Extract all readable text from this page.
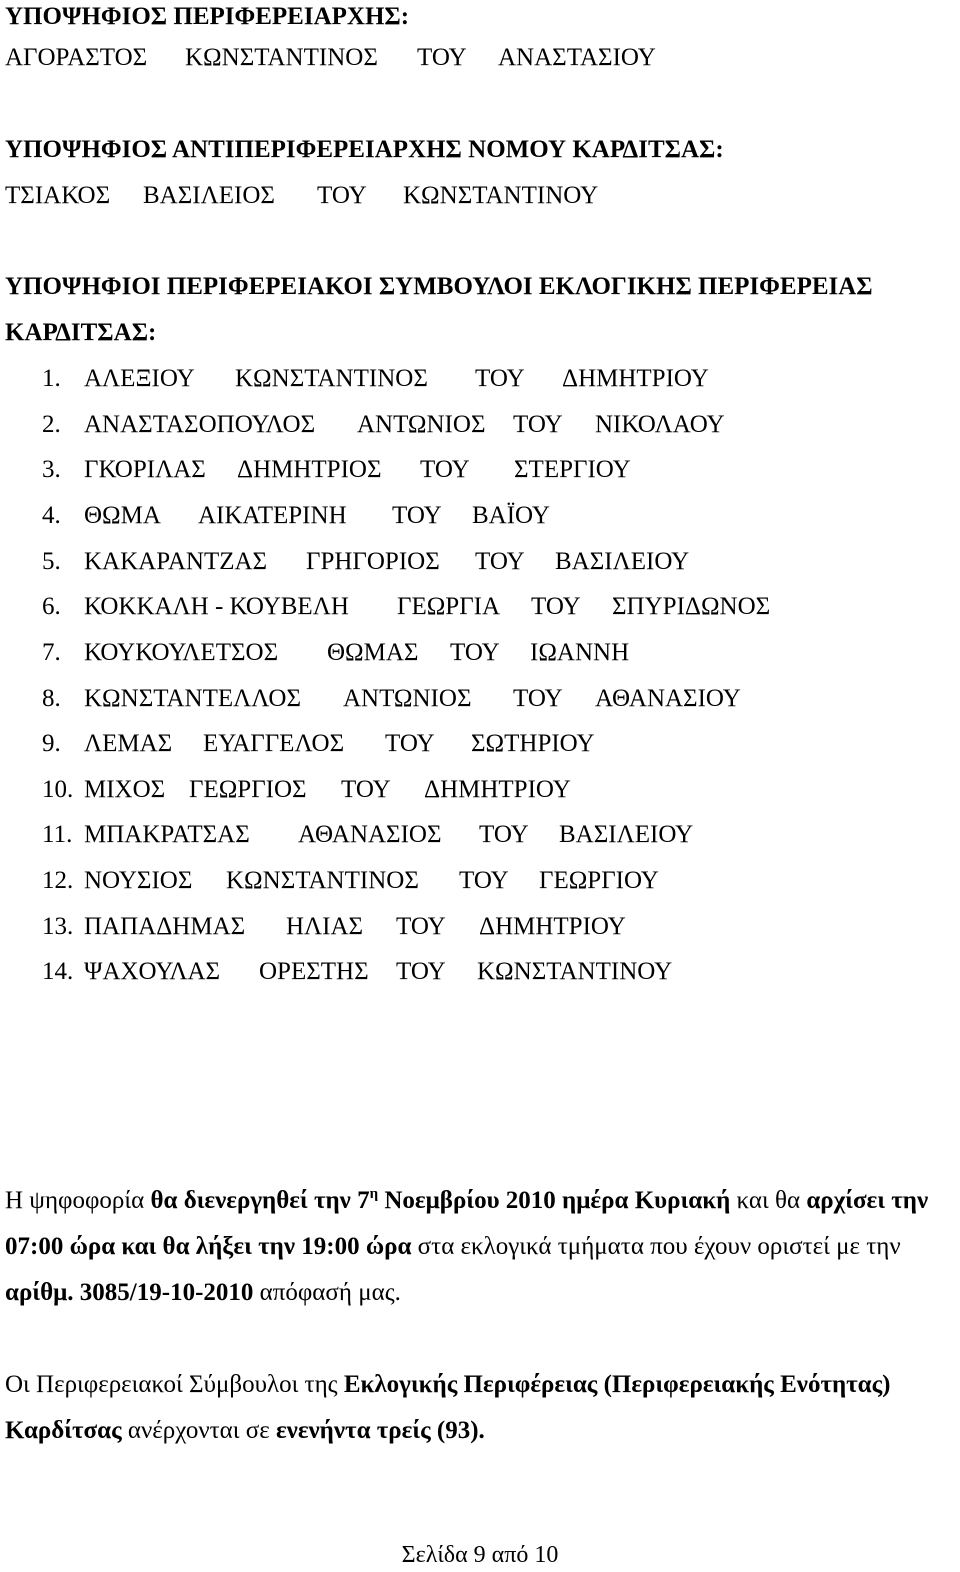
ΥΠΟΨΗΦΙΟΣ ΠΕΡΙΦΕΡΕΙΑΡΧΗΣ:
ΑΓΟΡΑΣΤΟΣ ΚΩΝΣΤΑΝΤΙΝΟΣ ΤΟΥ ΑΝΑΣΤΑΣΙΟΥ
ΥΠΟΨΗΦΙΟΣ ΑΝΤΙΠΕΡΙΦΕΡΕΙΑΡΧΗΣ ΝΟΜΟΥ ΚΑΡΔΙΤΣΑΣ:
ΤΣΙΑΚΟΣ ΒΑΣΙΛΕΙΟΣ ΤΟΥ ΚΩΝΣΤΑΝΤΙΝΟΥ
ΥΠΟΨΗΦΙΟΙ ΠΕΡΙΦΕΡΕΙΑΚΟΙ ΣΥΜΒΟΥΛΟΙ ΕΚΛΟΓΙΚΗΣ ΠΕΡΙΦΕΡΕΙΑΣ
ΚΑΡΔΙΤΣΑΣ:
1. ΑΛΕΞΙΟΥ ΚΩΝΣΤΑΝΤΙΝΟΣ ΤΟΥ ΔΗΜΗΤΡΙΟΥ
2. ΑΝΑΣΤΑΣΟΠΟΥΛΟΣ ΑΝΤΩΝΙΟΣ ΤΟΥ ΝΙΚΟΛΑΟΥ
3. ΓΚΟΡΙΛΑΣ ΔΗΜΗΤΡΙΟΣ ΤΟΥ ΣΤΕΡΓΙΟΥ
4. ΘΩΜΑ ΑΙΚΑΤΕΡΙΝΗ ΤΟΥ ΒΑΪΟΥ
5. ΚΑΚΑΡΑΝΤΖΑΣ ΓΡΗΓΟΡΙΟΣ ΤΟΥ ΒΑΣΙΛΕΙΟΥ
6. ΚΟΚΚΑΛΗ - ΚΟΥΒΕΛΗ ΓΕΩΡΓΙΑ ΤΟΥ ΣΠΥΡΙΔΩΝΟΣ
7. ΚΟΥΚΟΥΛΕΤΣΟΣ ΘΩΜΑΣ ΤΟΥ ΙΩΑΝΝΗ
8. ΚΩΝΣΤΑΝΤΕΛΛΟΣ ΑΝΤΩΝΙΟΣ ΤΟΥ ΑΘΑΝΑΣΙΟΥ
9. ΛΕΜΑΣ ΕΥΑΓΓΕΛΟΣ ΤΟΥ ΣΩΤΗΡΙΟΥ
10. ΜΙΧΟΣ ΓΕΩΡΓΙΟΣ ΤΟΥ ΔΗΜΗΤΡΙΟΥ
11. ΜΠΑΚΡΑΤΣΑΣ ΑΘΑΝΑΣΙΟΣ ΤΟΥ ΒΑΣΙΛΕΙΟΥ
12. ΝΟΥΣΙΟΣ ΚΩΝΣΤΑΝΤΙΝΟΣ ΤΟΥ ΓΕΩΡΓΙΟΥ
13. ΠΑΠΑΔΗΜΑΣ ΗΛΙΑΣ ΤΟΥ ΔΗΜΗΤΡΙΟΥ
14. ΨΑΧΟΥΛΑΣ ΟΡΕΣΤΗΣ ΤΟΥ ΚΩΝΣΤΑΝΤΙΝΟΥ
Η ψηφοφορία θα διενεργηθεί την $7^\eta$ Νοεμβρίου 2010 ημέρα Κυριακή και θα αρχίσει την 07:00 ώρα και θα λήξει την 19:00 ώρα στα εκλογικά τμήματα που έχουν οριστεί με την αρίθμ. 3085/19-10-2010 απόφασή μας.
Οι Περιφερειακοί Σύμβουλοι της Εκλογικής Περιφέρειας (Περιφερειακής Ενότητας) Καρδίτσας ανέρχονται σε ενενήντα τρείς (93).
Σελίδα 9 από 10
